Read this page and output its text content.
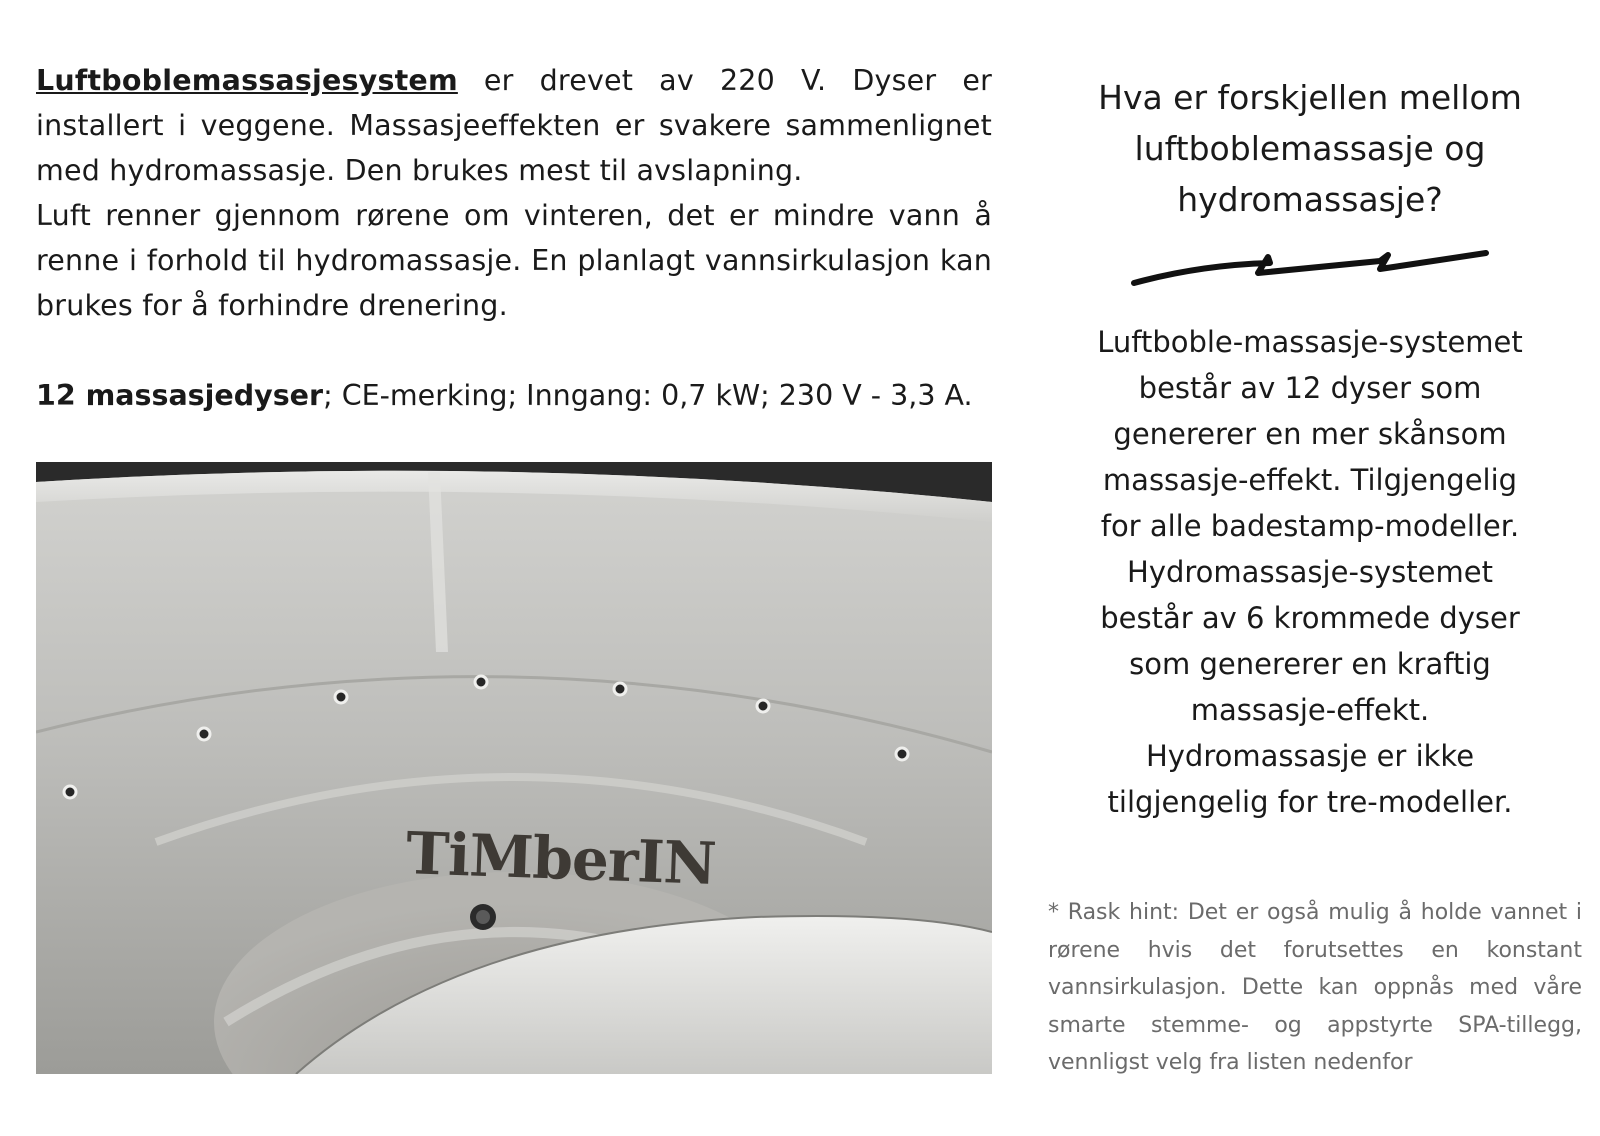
Luftboblemassasjesystem er drevet av 220 V. Dyser er installert i veggene. Massasjeeffekten er svakere sammenlignet med hydromassasje. Den brukes mest til avslapning.
Luft renner gjennom rørene om vinteren, det er mindre vann å renne i forhold til hydromassasje. En planlagt vannsirkulasjon kan brukes for å forhindre drenering.

12 massasjedyser; CE-merking; Inngang: 0,7 kW; 230 V - 3,3 A.

TiMberIN
Hva er forskjellen mellom
luftboblemassasje og
hydromassasje?

Luftboble-massasje-systemet
består av 12 dyser som
genererer en mer skånsom
massasje-effekt. Tilgjengelig
for alle badestamp-modeller.
Hydromassasje-systemet
består av 6 krommede dyser
som genererer en kraftig
massasje-effekt.
Hydromassasje er ikke
tilgjengelig for tre-modeller.

* Rask hint: Det er også mulig å holde vannet i rørene hvis det forutsettes en konstant vannsirkulasjon. Dette kan oppnås med våre smarte stemme- og appstyrte SPA-tillegg, vennligst velg fra listen nedenfor
